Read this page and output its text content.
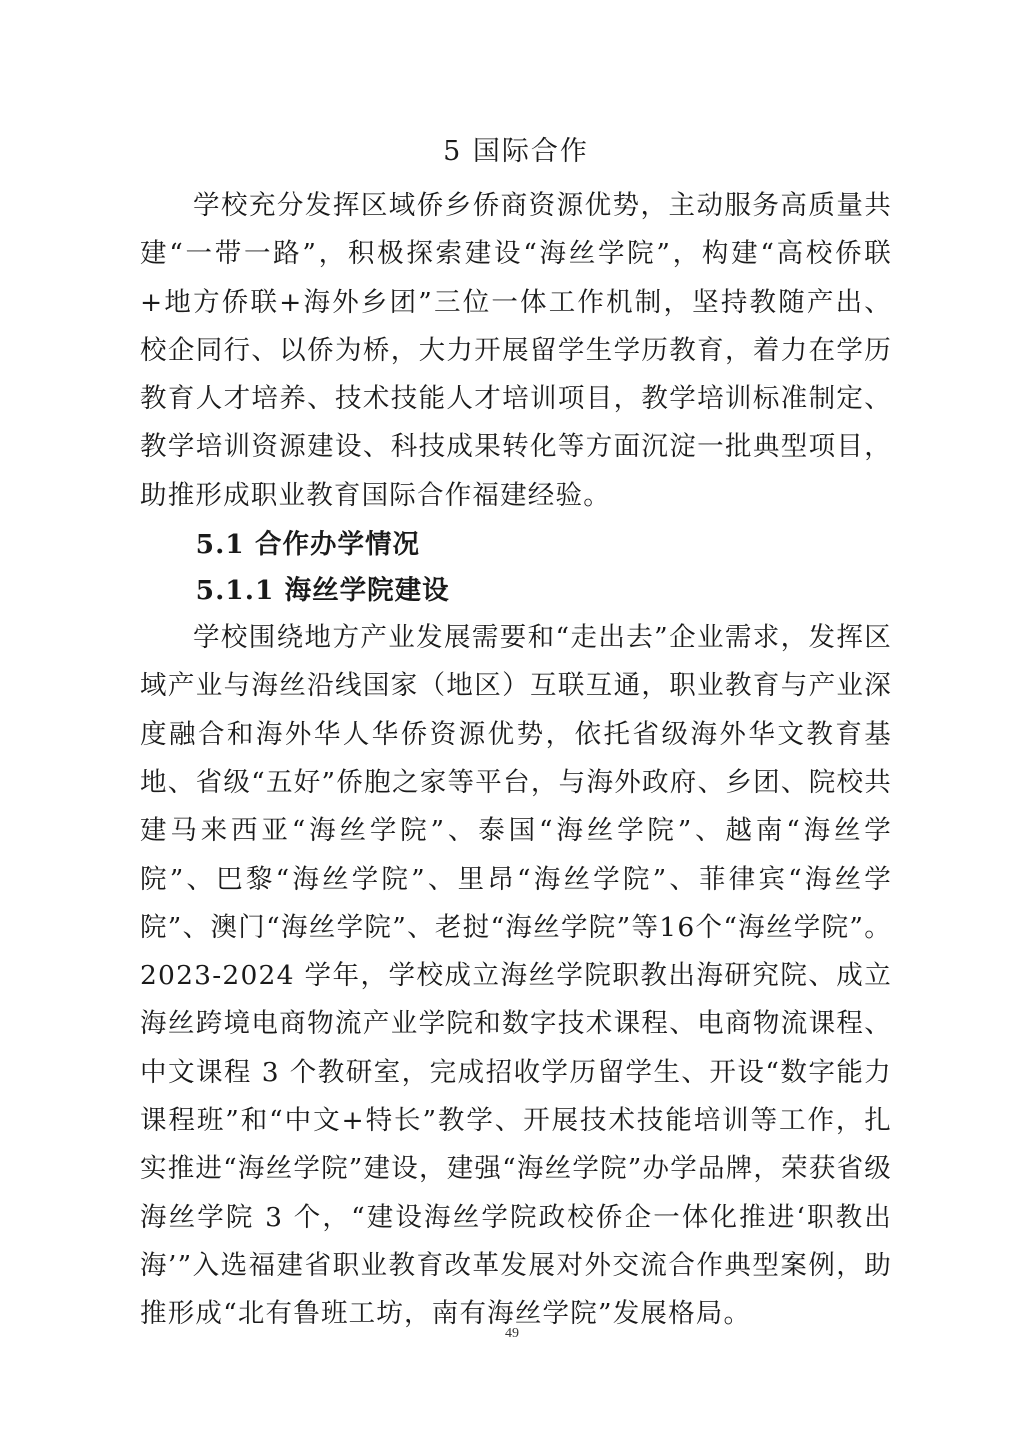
5 国际合作

学校充分发挥区域侨乡侨商资源优势，主动服务高质量共建“一带一路”，积极探索建设“海丝学院”，构建“高校侨联+地方侨联+海外乡团”三位一体工作机制，坚持教随产出、校企同行、以侨为桥，大力开展留学生学历教育，着力在学历教育人才培养、技术技能人才培训项目，教学培训标准制定、教学培训资源建设、科技成果转化等方面沉淀一批典型项目，助推形成职业教育国际合作福建经验。

5.1 合作办学情况
5.1.1 海丝学院建设

学校围绕地方产业发展需要和“走出去”企业需求，发挥区域产业与海丝沿线国家（地区）互联互通，职业教育与产业深度融合和海外华人华侨资源优势，依托省级海外华文教育基地、省级“五好”侨胞之家等平台，与海外政府、乡团、院校共建马来西亚“海丝学院”、泰国“海丝学院”、越南“海丝学院”、巴黎“海丝学院”、里昂“海丝学院”、菲律宾“海丝学院”、澳门“海丝学院”、老挝“海丝学院”等16个“海丝学院”。2023-2024 学年，学校成立海丝学院职教出海研究院、成立海丝跨境电商物流产业学院和数字技术课程、电商物流课程、中文课程 3 个教研室，完成招收学历留学生、开设“数字能力课程班”和“中文+特长”教学、开展技术技能培训等工作，扎实推进“海丝学院”建设，建强“海丝学院”办学品牌，荣获省级海丝学院 3 个，“建设海丝学院政校侨企一体化推进‘职教出海’”入选福建省职业教育改革发展对外交流合作典型案例，助推形成“北有鲁班工坊，南有海丝学院”发展格局。

49
